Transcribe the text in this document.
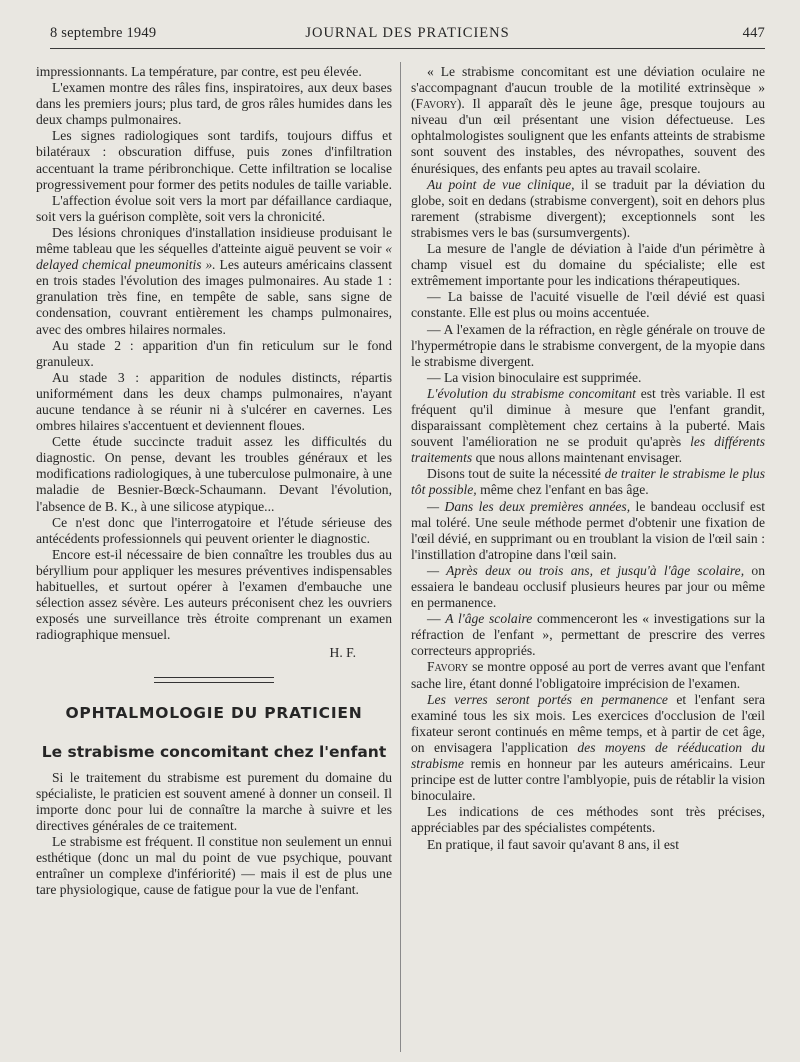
8 septembre 1949	JOURNAL DES PRATICIENS	447

impressionnants. La température, par contre, est peu élevée.

L'examen montre des râles fins, inspiratoires, aux deux bases dans les premiers jours; plus tard, de gros râles humides dans les deux champs pulmonaires.

Les signes radiologiques sont tardifs, toujours diffus et bilatéraux : obscuration diffuse, puis zones d'infiltration accentuant la trame péribronchique. Cette infiltration se localise progressivement pour former des petits nodules de taille variable.

L'affection évolue soit vers la mort par défaillance cardiaque, soit vers la guérison complète, soit vers la chronicité.

Des lésions chroniques d'installation insidieuse produisant le même tableau que les séquelles d'atteinte aiguë peuvent se voir « delayed chemical pneumonitis ». Les auteurs américains classent en trois stades l'évolution des images pulmonaires. Au stade 1 : granulation très fine, en tempête de sable, sans signe de condensation, couvrant entièrement les champs pulmonaires, avec des ombres hilaires normales.

Au stade 2 : apparition d'un fin reticulum sur le fond granuleux.

Au stade 3 : apparition de nodules distincts, répartis uniformément dans les deux champs pulmonaires, n'ayant aucune tendance à se réunir ni à s'ulcérer en cavernes. Les ombres hilaires s'accentuent et deviennent floues.

Cette étude succincte traduit assez les difficultés du diagnostic. On pense, devant les troubles généraux et les modifications radiologiques, à une tuberculose pulmonaire, à une maladie de Besnier-Bœck-Schaumann. Devant l'évolution, l'absence de B. K., à une silicose atypique...

Ce n'est donc que l'interrogatoire et l'étude sérieuse des antécédents professionnels qui peuvent orienter le diagnostic.

Encore est-il nécessaire de bien connaître les troubles dus au béryllium pour appliquer les mesures préventives indispensables habituelles, et surtout opérer à l'examen d'embauche une sélection assez sévère. Les auteurs préconisent chez les ouvriers exposés une surveillance très étroite comprenant un examen radiographique mensuel.

H. F.

OPHTALMOLOGIE DU PRATICIEN

Le strabisme concomitant chez l'enfant

Si le traitement du strabisme est purement du domaine du spécialiste, le praticien est souvent amené à donner un conseil. Il importe donc pour lui de connaître la marche à suivre et les directives générales de ce traitement.

Le strabisme est fréquent. Il constitue non seulement un ennui esthétique (donc un mal du point de vue psychique, pouvant entraîner un complexe d'infériorité) — mais il est de plus une tare physiologique, cause de fatigue pour la vue de l'enfant.

« Le strabisme concomitant est une déviation oculaire ne s'accompagnant d'aucun trouble de la motilité extrinsèque » (Favory). Il apparaît dès le jeune âge, presque toujours au niveau d'un œil présentant une vision défectueuse. Les ophtalmologistes soulignent que les enfants atteints de strabisme sont souvent des instables, des névropathes, souvent des énurésiques, des enfants peu aptes au travail scolaire.

Au point de vue clinique, il se traduit par la déviation du globe, soit en dedans (strabisme convergent), soit en dehors plus rarement (strabisme divergent); exceptionnels sont les strabismes vers le bas (sursumvergents).

La mesure de l'angle de déviation à l'aide d'un périmètre à champ visuel est du domaine du spécialiste; elle est extrêmement importante pour les indications thérapeutiques.

— La baisse de l'acuité visuelle de l'œil dévié est quasi constante. Elle est plus ou moins accentuée.

— A l'examen de la réfraction, en règle générale on trouve de l'hypermétropie dans le strabisme convergent, de la myopie dans le strabisme divergent.

— La vision binoculaire est supprimée.

L'évolution du strabisme concomitant est très variable. Il est fréquent qu'il diminue à mesure que l'enfant grandit, disparaissant complètement chez certains à la puberté. Mais souvent l'amélioration ne se produit qu'après les différents traitements que nous allons maintenant envisager.

Disons tout de suite la nécessité de traiter le strabisme le plus tôt possible, même chez l'enfant en bas âge.

— Dans les deux premières années, le bandeau occlusif est mal toléré. Une seule méthode permet d'obtenir une fixation de l'œil dévié, en supprimant ou en troublant la vision de l'œil sain : l'instillation d'atropine dans l'œil sain.

— Après deux ou trois ans, et jusqu'à l'âge scolaire, on essaiera le bandeau occlusif plusieurs heures par jour ou même en permanence.

— A l'âge scolaire commenceront les « investigations sur la réfraction de l'enfant », permettant de prescrire des verres correcteurs appropriés.

Favory se montre opposé au port de verres avant que l'enfant sache lire, étant donné l'obligatoire imprécision de l'examen.

Les verres seront portés en permanence et l'enfant sera examiné tous les six mois. Les exercices d'occlusion de l'œil fixateur seront continués en même temps, et à partir de cet âge, on envisagera l'application des moyens de rééducation du strabisme remis en honneur par les auteurs américains. Leur principe est de lutter contre l'amblyopie, puis de rétablir la vision binoculaire.

Les indications de ces méthodes sont très précises, appréciables par des spécialistes compétents.

En pratique, il faut savoir qu'avant 8 ans, il est
